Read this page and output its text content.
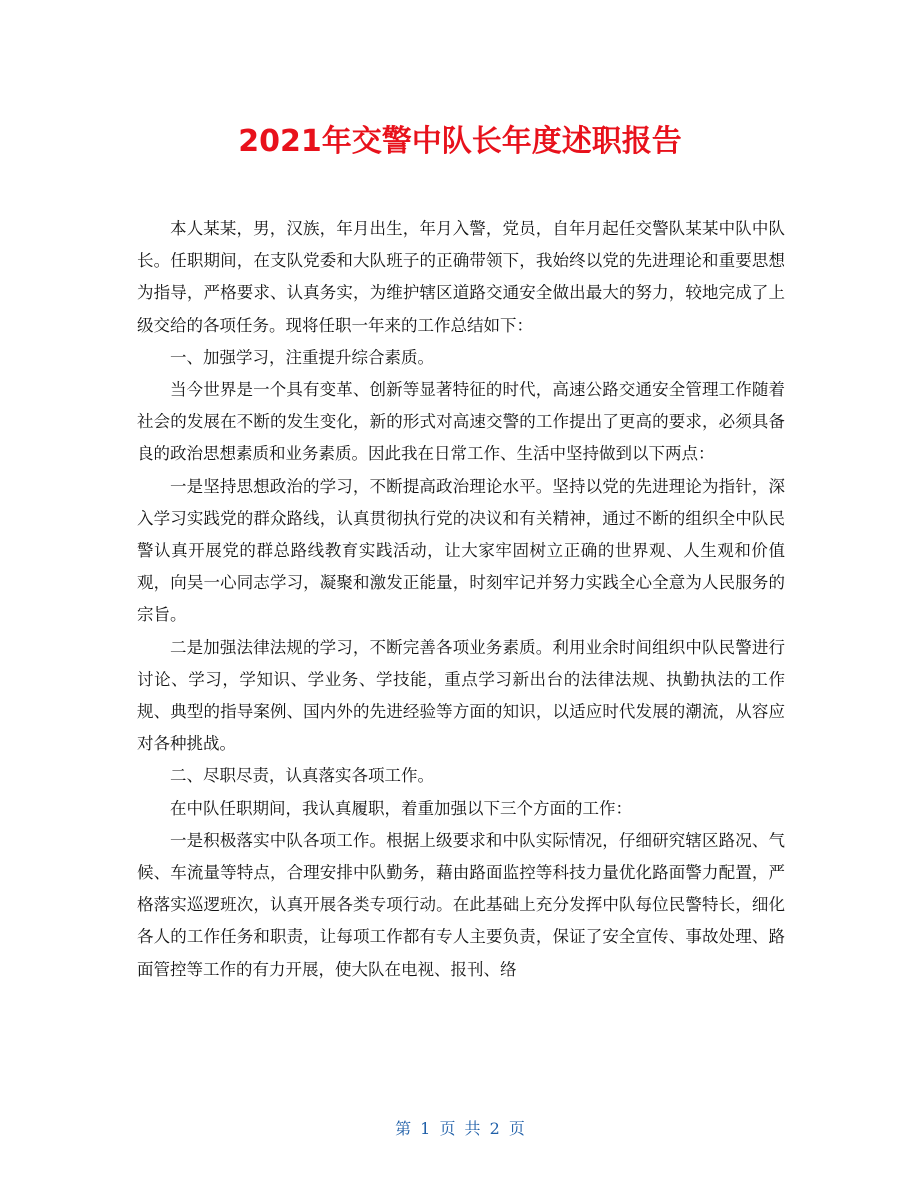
2021年交警中队长年度述职报告

本人某某，男，汉族，年月出生，年月入警，党员，自年月起任交警队某某中队中队长。任职期间，在支队党委和大队班子的正确带领下，我始终以党的先进理论和重要思想为指导，严格要求、认真务实，为维护辖区道路交通安全做出最大的努力，较地完成了上级交给的各项任务。现将任职一年来的工作总结如下：

一、加强学习，注重提升综合素质。

当今世界是一个具有变革、创新等显著特征的时代，高速公路交通安全管理工作随着社会的发展在不断的发生变化，新的形式对高速交警的工作提出了更高的要求，必须具备良的政治思想素质和业务素质。因此我在日常工作、生活中坚持做到以下两点：

一是坚持思想政治的学习，不断提高政治理论水平。坚持以党的先进理论为指针，深入学习实践党的群众路线，认真贯彻执行党的决议和有关精神，通过不断的组织全中队民警认真开展党的群总路线教育实践活动，让大家牢固树立正确的世界观、人生观和价值观，向吴一心同志学习，凝聚和激发正能量，时刻牢记并努力实践全心全意为人民服务的宗旨。

二是加强法律法规的学习，不断完善各项业务素质。利用业余时间组织中队民警进行讨论、学习，学知识、学业务、学技能，重点学习新出台的法律法规、执勤执法的工作规、典型的指导案例、国内外的先进经验等方面的知识，以适应时代发展的潮流，从容应对各种挑战。

二、尽职尽责，认真落实各项工作。

在中队任职期间，我认真履职，着重加强以下三个方面的工作：

一是积极落实中队各项工作。根据上级要求和中队实际情况，仔细研究辖区路况、气候、车流量等特点，合理安排中队勤务，藉由路面监控等科技力量优化路面警力配置，严格落实巡逻班次，认真开展各类专项行动。在此基础上充分发挥中队每位民警特长，细化各人的工作任务和职责，让每项工作都有专人主要负责，保证了安全宣传、事故处理、路面管控等工作的有力开展，使大队在电视、报刊、络

第 1 页 共 2 页
